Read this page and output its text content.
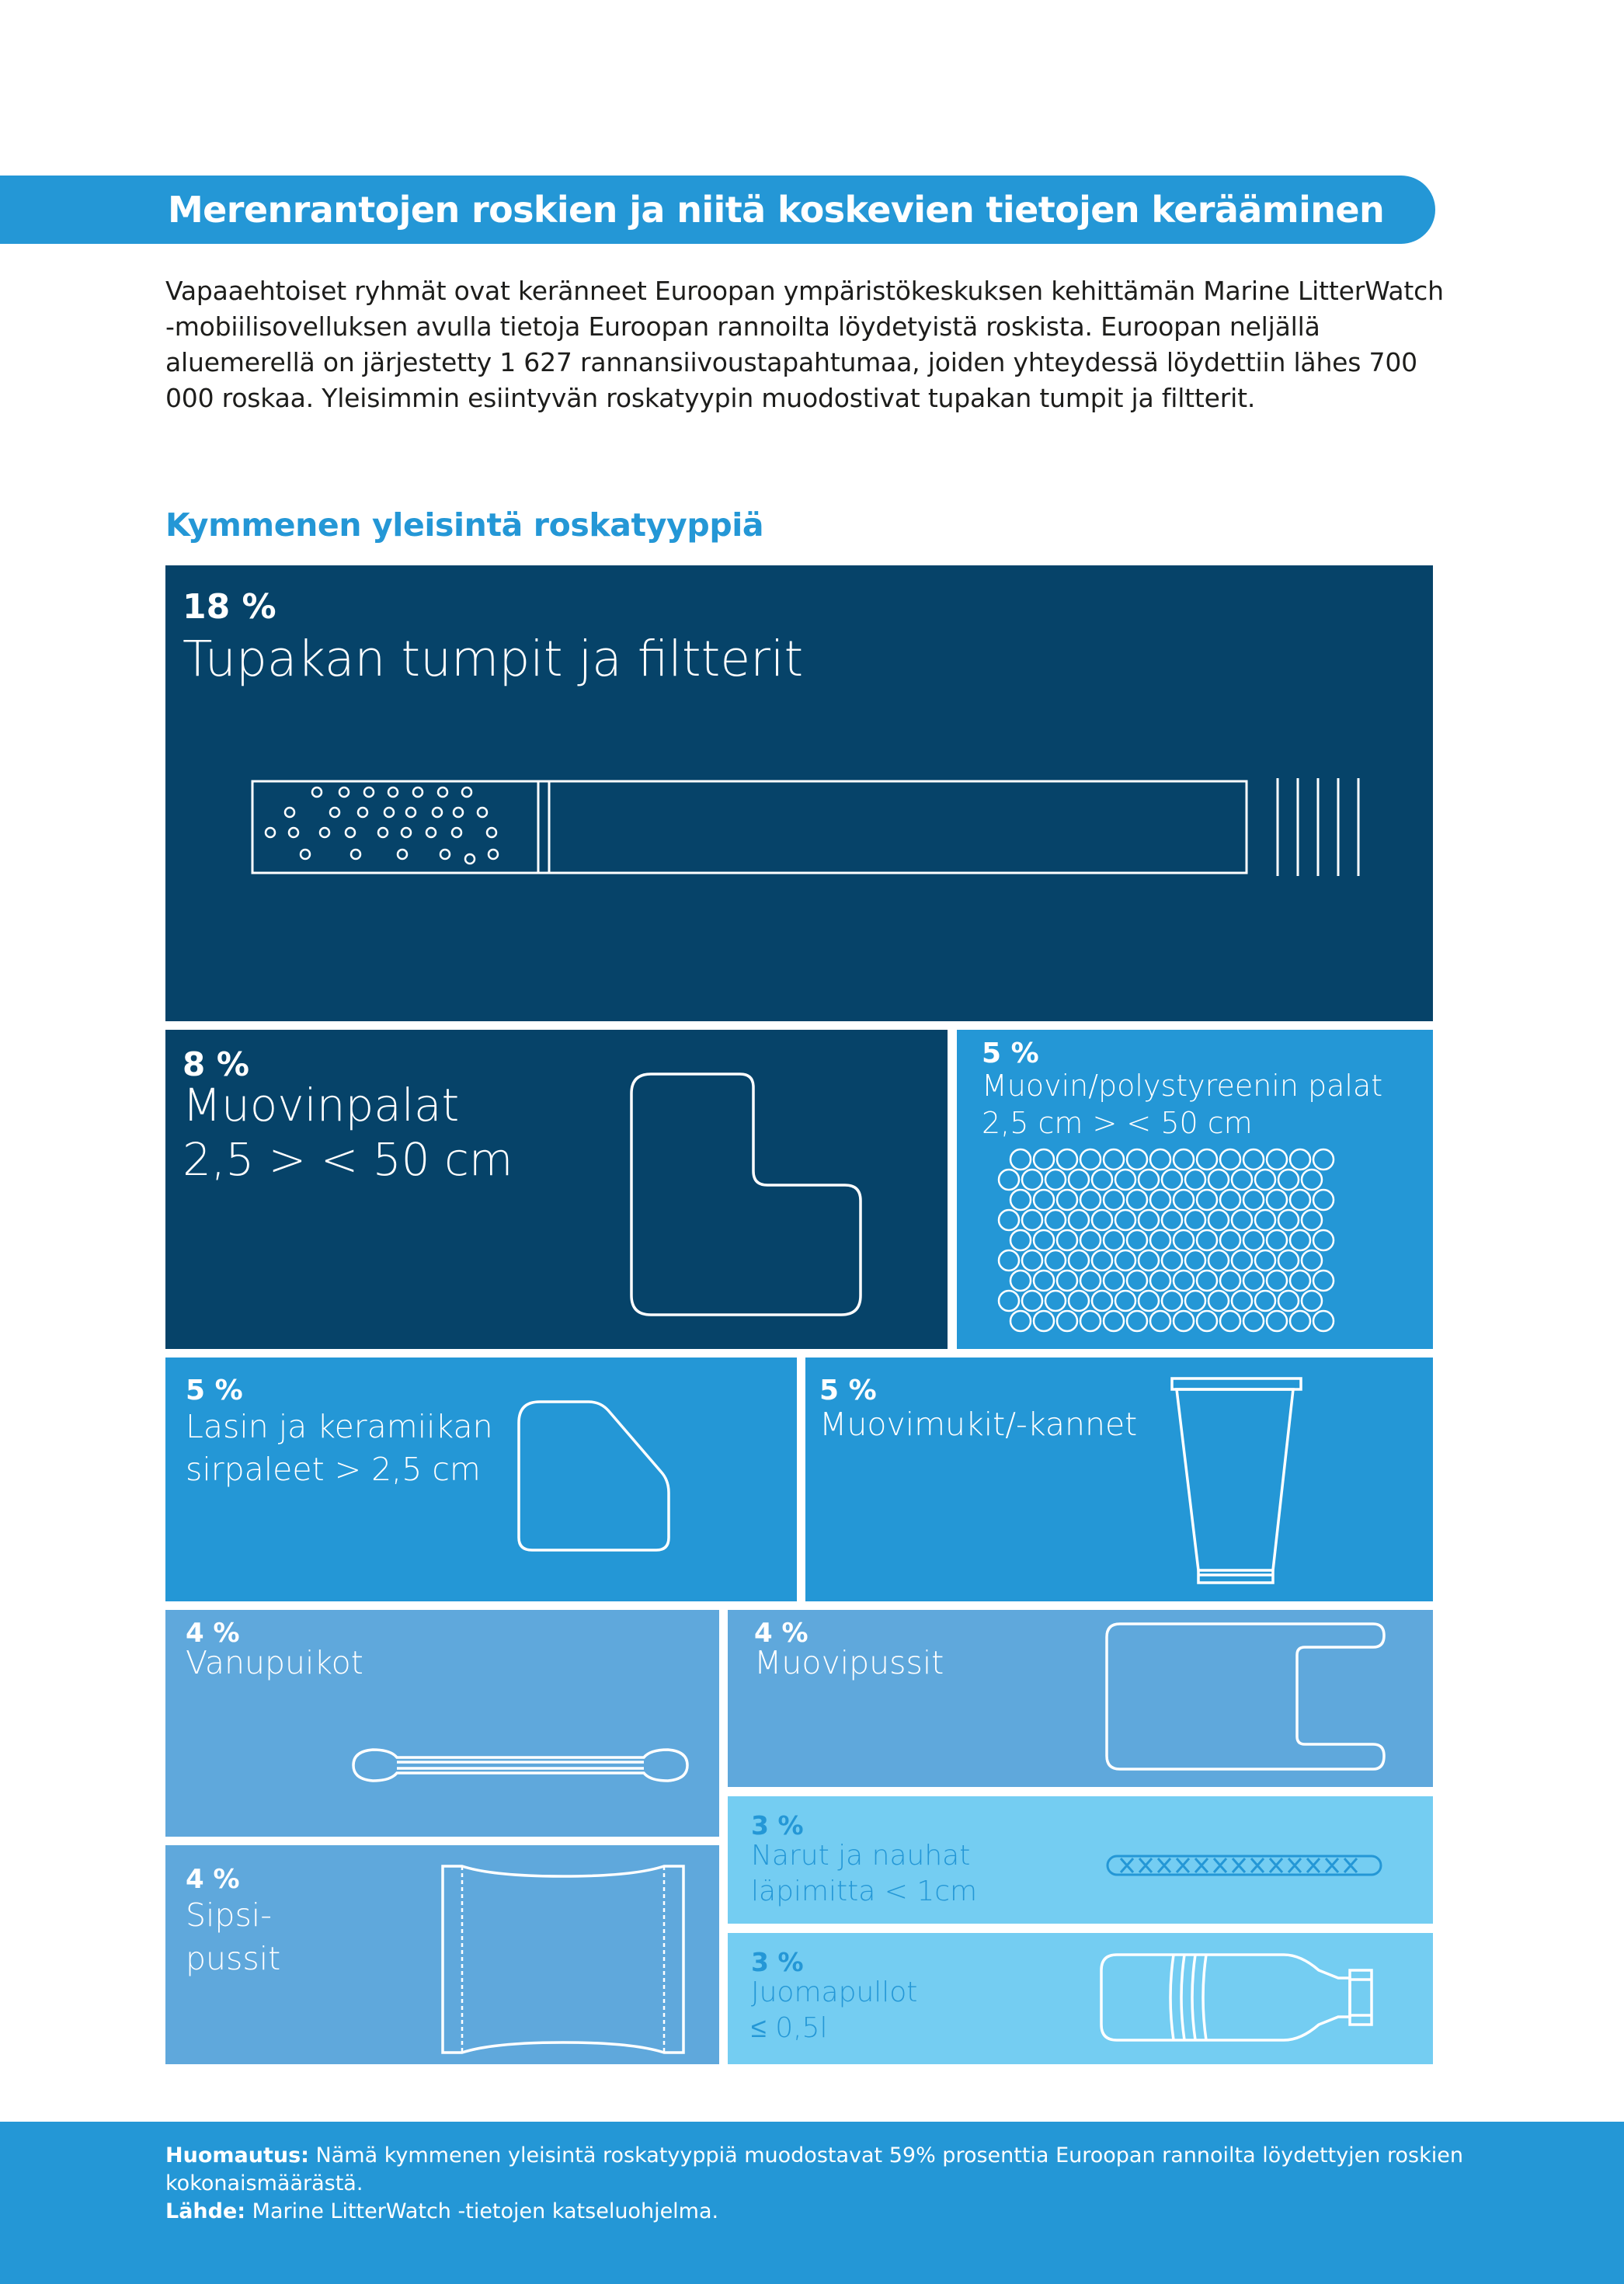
Merenrantojen roskien ja niitä koskevien tietojen kerääminen

Vapaaehtoiset ryhmät ovat keränneet Euroopan ympäristökeskuksen kehittämän Marine LitterWatch -mobiilisovelluksen avulla tietoja Euroopan rannoilta löydetyistä roskista. Euroopan neljällä aluemerellä on järjestetty 1 627 rannansiivoustapahtumaa, joiden yhteydessä löydettiin lähes 700 000 roskaa. Yleisimmin esiintyvän roskatyypin muodostivat tupakan tumpit ja filtterit.

Kymmenen yleisintä roskatyyppiä
18 %
Tupakan tumpit ja filtterit
8 %
Muovinpalat
2,5 > < 50 cm
5 %
Muovin/polystyreenin palat
2,5 cm > < 50 cm
5 %
Lasin ja keramiikan
sirpaleet > 2,5 cm
5 %
Muovimukit/-kannet
4 %
Vanupuikot
4 %
Muovipussit
3 %
Narut ja nauhat
läpimitta < 1cm
4 %
Sipsi-
pussit	3 %
Juomapullot
≤ 0,5l

Huomautus: Nämä kymmenen yleisintä roskatyyppiä muodostavat 59% prosenttia Euroopan rannoilta löydettyjen roskien kokonaismäärästä.
Lähde: Marine LitterWatch -tietojen katseluohjelma.
